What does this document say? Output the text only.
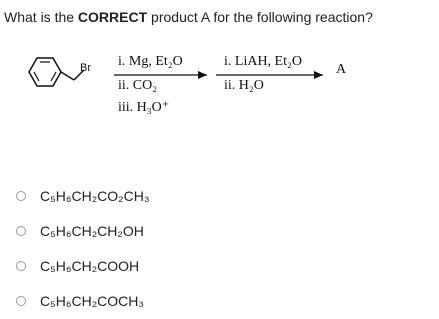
What is the CORRECT product A for the following reaction?
Br i. Mg, Et₂O
ii. CO₂
iii. H₃O⁺
i. LiAH, Et₂O
ii. H₂O
A
C₅H₆CH₂CO₂CH₃
C₅H₆CH₂CH₂OH
C₅H₆CH₂COOH
C₅H₆CH₂COCH₃
